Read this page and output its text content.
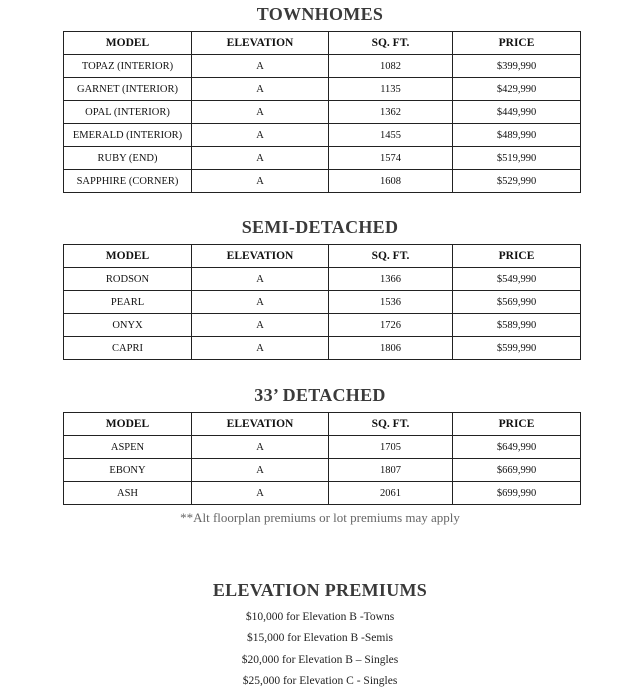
TOWNHOMES
MODEL	ELEVATION	SQ. FT.	PRICE
TOPAZ (INTERIOR)	A	1082	$399,990
GARNET (INTERIOR)	A	1135	$429,990
OPAL (INTERIOR)	A	1362	$449,990
EMERALD (INTERIOR)	A	1455	$489,990
RUBY (END)	A	1574	$519,990
SAPPHIRE (CORNER)	A	1608	$529,990
SEMI-DETACHED
MODEL	ELEVATION	SQ. FT.	PRICE
RODSON	A	1366	$549,990
PEARL	A	1536	$569,990
ONYX	A	1726	$589,990
CAPRI	A	1806	$599,990
33’ DETACHED
MODEL	ELEVATION	SQ. FT.	PRICE
ASPEN	A	1705	$649,990
EBONY	A	1807	$669,990
ASH	A	2061	$699,990

**Alt floorplan premiums or lot premiums may apply

ELEVATION PREMIUMS
$10,000 for Elevation B -Towns
$15,000 for Elevation B -Semis
$20,000 for Elevation B – Singles
$25,000 for Elevation C - Singles
